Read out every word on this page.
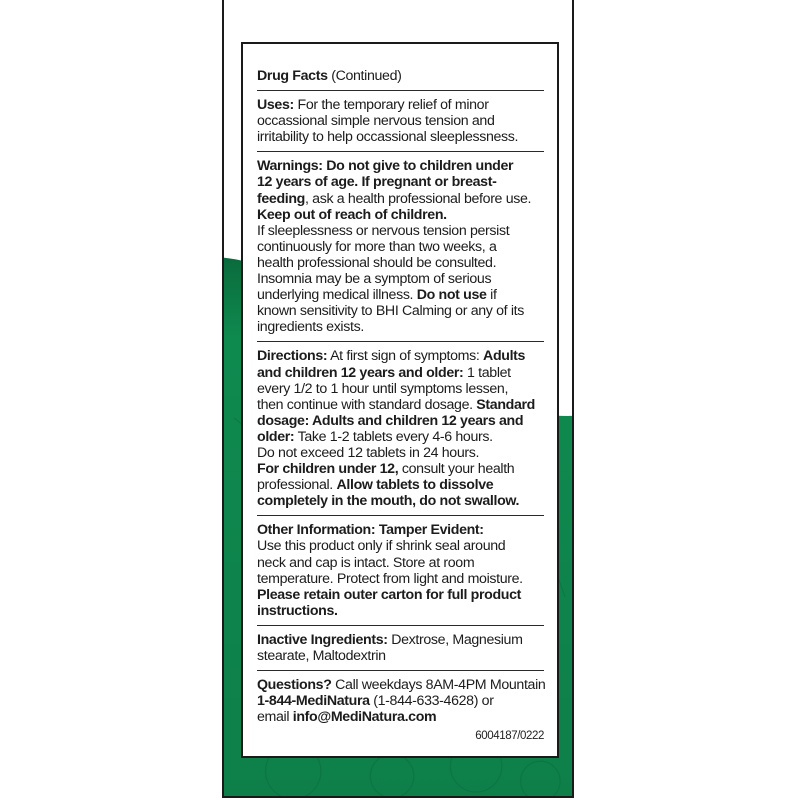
Drug Facts (Continued)
Uses: For the temporary relief of minor
occassional simple nervous tension and
irritability to help occassional sleeplessness.
Warnings: Do not give to children under
12 years of age. If pregnant or breast-
feeding, ask a health professional before use.
Keep out of reach of children.
If sleeplessness or nervous tension persist
continuously for more than two weeks, a
health professional should be consulted.
Insomnia may be a symptom of serious
underlying medical illness. Do not use if
known sensitivity to BHI Calming or any of its
ingredients exists.
Directions: At first sign of symptoms: Adults
and children 12 years and older: 1 tablet
every 1/2 to 1 hour until symptoms lessen,
then continue with standard dosage. Standard
dosage: Adults and children 12 years and
older: Take 1-2 tablets every 4-6 hours.
Do not exceed 12 tablets in 24 hours.
For children under 12, consult your health
professional. Allow tablets to dissolve
completely in the mouth, do not swallow.
Other Information: Tamper Evident:
Use this product only if shrink seal around
neck and cap is intact. Store at room
temperature. Protect from light and moisture.
Please retain outer carton for full product
instructions.
Inactive Ingredients: Dextrose, Magnesium
stearate, Maltodextrin
Questions? Call weekdays 8AM-4PM Mountain
1-844-MediNatura (1-844-633-4628) or
email info@MediNatura.com
6004187/0222
